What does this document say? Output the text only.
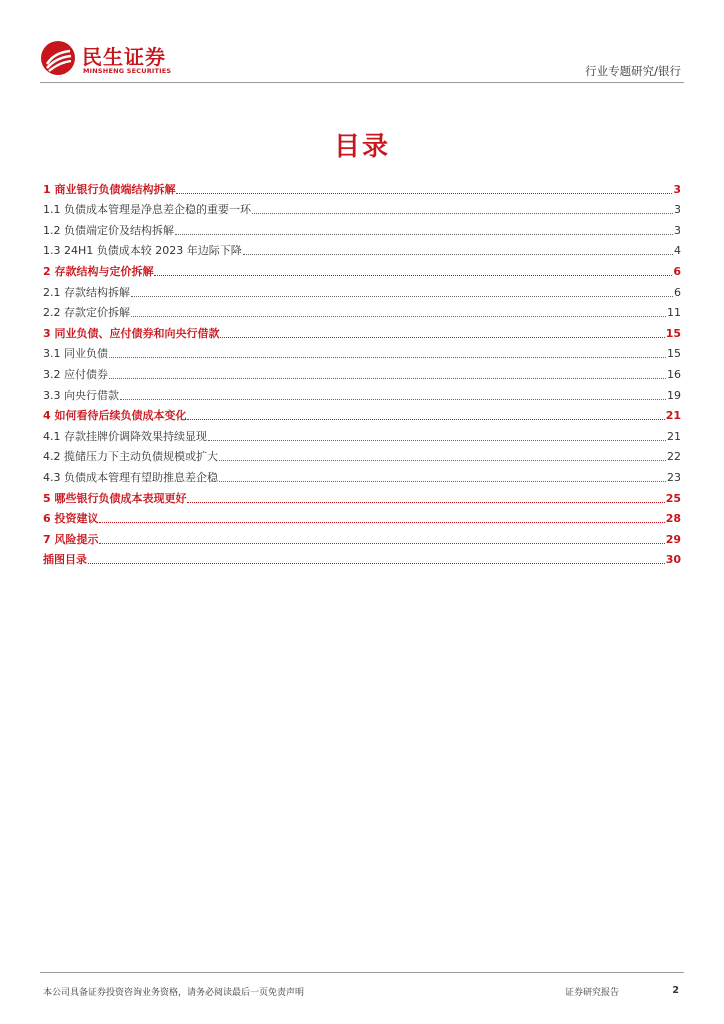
民生证券
MINSHENG SECURITIES	行业专题研究/银行
目录
1 商业银行负债端结构拆解	3
1.1 负债成本管理是净息差企稳的重要一环	3
1.2 负债端定价及结构拆解	3
1.3 24H1 负债成本较 2023 年边际下降	4
2 存款结构与定价拆解	6
2.1 存款结构拆解	6
2.2 存款定价拆解	11
3 同业负债、应付债券和向央行借款	15
3.1 同业负债	15
3.2 应付债券	16
3.3 向央行借款	19
4 如何看待后续负债成本变化	21
4.1 存款挂牌价调降效果持续显现	21
4.2 揽储压力下主动负债规模或扩大	22
4.3 负债成本管理有望助推息差企稳	23
5 哪些银行负债成本表现更好	25
6 投资建议	28
7 风险提示	29
插图目录	30
本公司具备证券投资咨询业务资格，请务必阅读最后一页免责声明	证券研究报告	2
